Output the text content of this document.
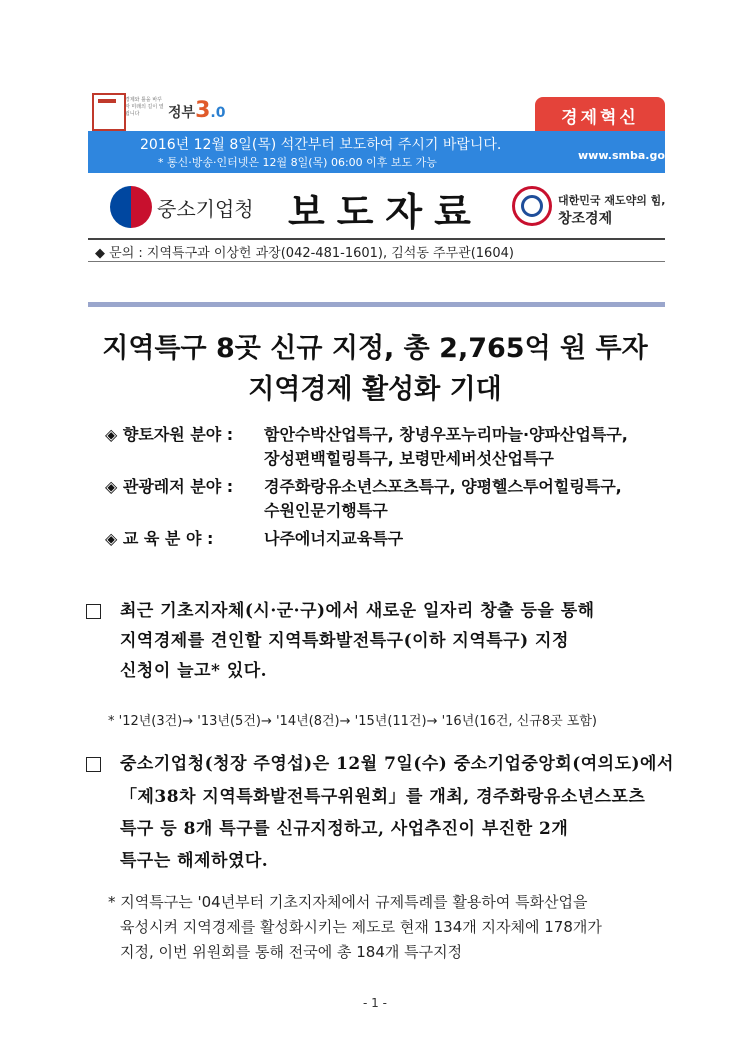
경제와 틀을 바꾸자 미래의 길이 열립니다	정부3.0	경제혁신
2016년 12월 8일(목) 석간부터 보도하여 주시기 바랍니다.
* 통신·방송·인터넷은 12월 8일(목) 06:00 이후 보도 가능
www.smba.go.kr
중소기업청 보도자료	대한민국 재도약의 힘,
창조경제
◆ 문의 : 지역특구과 이상헌 과장(042-481-1601), 김석동 주무관(1604)
지역특구 8곳 신규 지정, 총 2,765억 원 투자
지역경제 활성화 기대
◈ 향토자원 분야 : 함안수박산업특구, 창녕우포누리마늘·양파산업특구,
장성편백힐링특구, 보령만세버섯산업특구
◈ 관광레저 분야 : 경주화랑유소년스포츠특구, 양평헬스투어힐링특구,
수원인문기행특구
◈ 교 육 분 야 :	나주에너지교육특구
최근 기초지자체(시·군·구)에서 새로운 일자리 창출 등을 통해
지역경제를 견인할 지역특화발전특구(이하 지역특구) 지정
신청이 늘고* 있다.
* '12년(3건)→ '13년(5건)→ '14년(8건)→ '15년(11건)→ '16년(16건, 신규8곳 포함)
중소기업청(청장 주영섭)은 12월 7일(수) 중소기업중앙회(여의도)에서
「제38차 지역특화발전특구위원회」를 개최, 경주화랑유소년스포츠
특구 등 8개 특구를 신규지정하고, 사업추진이 부진한 2개
특구는 해제하였다.
* 지역특구는 '04년부터 기초지자체에서 규제특례를 활용하여 특화산업을
육성시켜 지역경제를 활성화시키는 제도로 현재 134개 지자체에 178개가
지정, 이번 위원회를 통해 전국에 총 184개 특구지정
- 1 -
